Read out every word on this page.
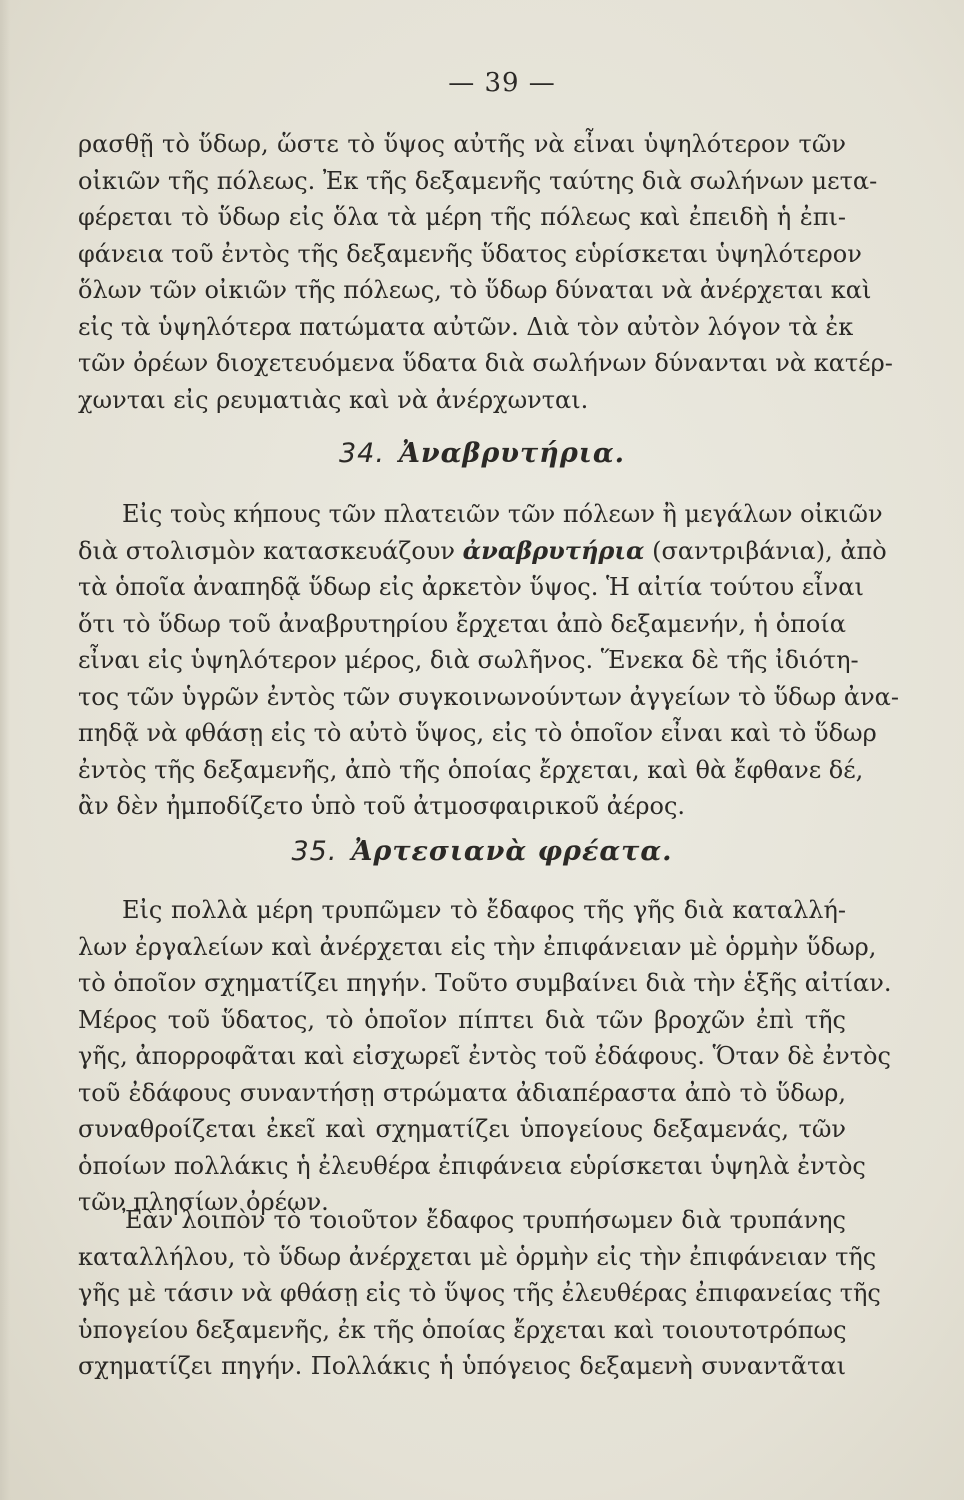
— 39 —
ρασθῇ τὸ ὕδωρ, ὥστε τὸ ὕψος αὐτῆς νὰ εἶναι ὑψηλότερον τῶν
οἰκιῶν τῆς πόλεως. Ἐκ τῆς δεξαμενῆς ταύτης διὰ σωλήνων μετα-
φέρεται τὸ ὕδωρ εἰς ὅλα τὰ μέρη τῆς πόλεως καὶ ἐπειδὴ ἡ ἐπι-
φάνεια τοῦ ἐντὸς τῆς δεξαμενῆς ὕδατος εὑρίσκεται ὑψηλότερον
ὅλων τῶν οἰκιῶν τῆς πόλεως, τὸ ὕδωρ δύναται νὰ ἀνέρχεται καὶ
εἰς τὰ ὑψηλότερα πατώματα αὐτῶν. Διὰ τὸν αὐτὸν λόγον τὰ ἐκ
τῶν ὀρέων διοχετευόμενα ὕδατα διὰ σωλήνων δύνανται νὰ κατέρ-
χωνται εἰς ρευματιὰς καὶ νὰ ἀνέρχωνται.
34. Ἀναβρυτήρια.
Εἰς τοὺς κήπους τῶν πλατειῶν τῶν πόλεων ἢ μεγάλων οἰκιῶν
διὰ στολισμὸν κατασκευάζουν ἀναβρυτήρια (σαντριβάνια), ἀπὸ
τὰ ὁποῖα ἀναπηδᾷ ὕδωρ εἰς ἀρκετὸν ὕψος. Ἡ αἰτία τούτου εἶναι
ὅτι τὸ ὕδωρ τοῦ ἀναβρυτηρίου ἔρχεται ἀπὸ δεξαμενήν, ἡ ὁποία
εἶναι εἰς ὑψηλότερον μέρος, διὰ σωλῆνος. Ἕνεκα δὲ τῆς ἰδιότη-
τος τῶν ὑγρῶν ἐντὸς τῶν συγκοινωνούντων ἀγγείων τὸ ὕδωρ ἀνα-
πηδᾷ νὰ φθάσῃ εἰς τὸ αὐτὸ ὕψος, εἰς τὸ ὁποῖον εἶναι καὶ τὸ ὕδωρ
ἐντὸς τῆς δεξαμενῆς, ἀπὸ τῆς ὁποίας ἔρχεται, καὶ θὰ ἔφθανε δέ,
ἂν δὲν ἠμποδίζετο ὑπὸ τοῦ ἀτμοσφαιρικοῦ ἀέρος.
35. Ἀρτεσιανὰ φρέατα.
Εἰς πολλὰ μέρη τρυπῶμεν τὸ ἔδαφος τῆς γῆς διὰ καταλλή-
λων ἐργαλείων καὶ ἀνέρχεται εἰς τὴν ἐπιφάνειαν μὲ ὁρμὴν ὕδωρ,
τὸ ὁποῖον σχηματίζει πηγήν. Τοῦτο συμβαίνει διὰ τὴν ἑξῆς αἰτίαν.
Μέρος τοῦ ὕδατος, τὸ ὁποῖον πίπτει διὰ τῶν βροχῶν ἐπὶ τῆς
γῆς, ἀπορροφᾶται καὶ εἰσχωρεῖ ἐντὸς τοῦ ἐδάφους. Ὅταν δὲ ἐντὸς
τοῦ ἐδάφους συναντήσῃ στρώματα ἀδιαπέραστα ἀπὸ τὸ ὕδωρ,
συναθροίζεται ἐκεῖ καὶ σχηματίζει ὑπογείους δεξαμενάς, τῶν
ὁποίων πολλάκις ἡ ἐλευθέρα ἐπιφάνεια εὑρίσκεται ὑψηλὰ ἐντὸς
τῶν πλησίων ὀρέων.
Ἐὰν λοιπὸν τὸ τοιοῦτον ἔδαφος τρυπήσωμεν διὰ τρυπάνης
καταλλήλου, τὸ ὕδωρ ἀνέρχεται μὲ ὁρμὴν εἰς τὴν ἐπιφάνειαν τῆς
γῆς μὲ τάσιν νὰ φθάσῃ εἰς τὸ ὕψος τῆς ἐλευθέρας ἐπιφανείας τῆς
ὑπογείου δεξαμενῆς, ἐκ τῆς ὁποίας ἔρχεται καὶ τοιουτοτρόπως
σχηματίζει πηγήν. Πολλάκις ἡ ὑπόγειος δεξαμενὴ συναντᾶται
